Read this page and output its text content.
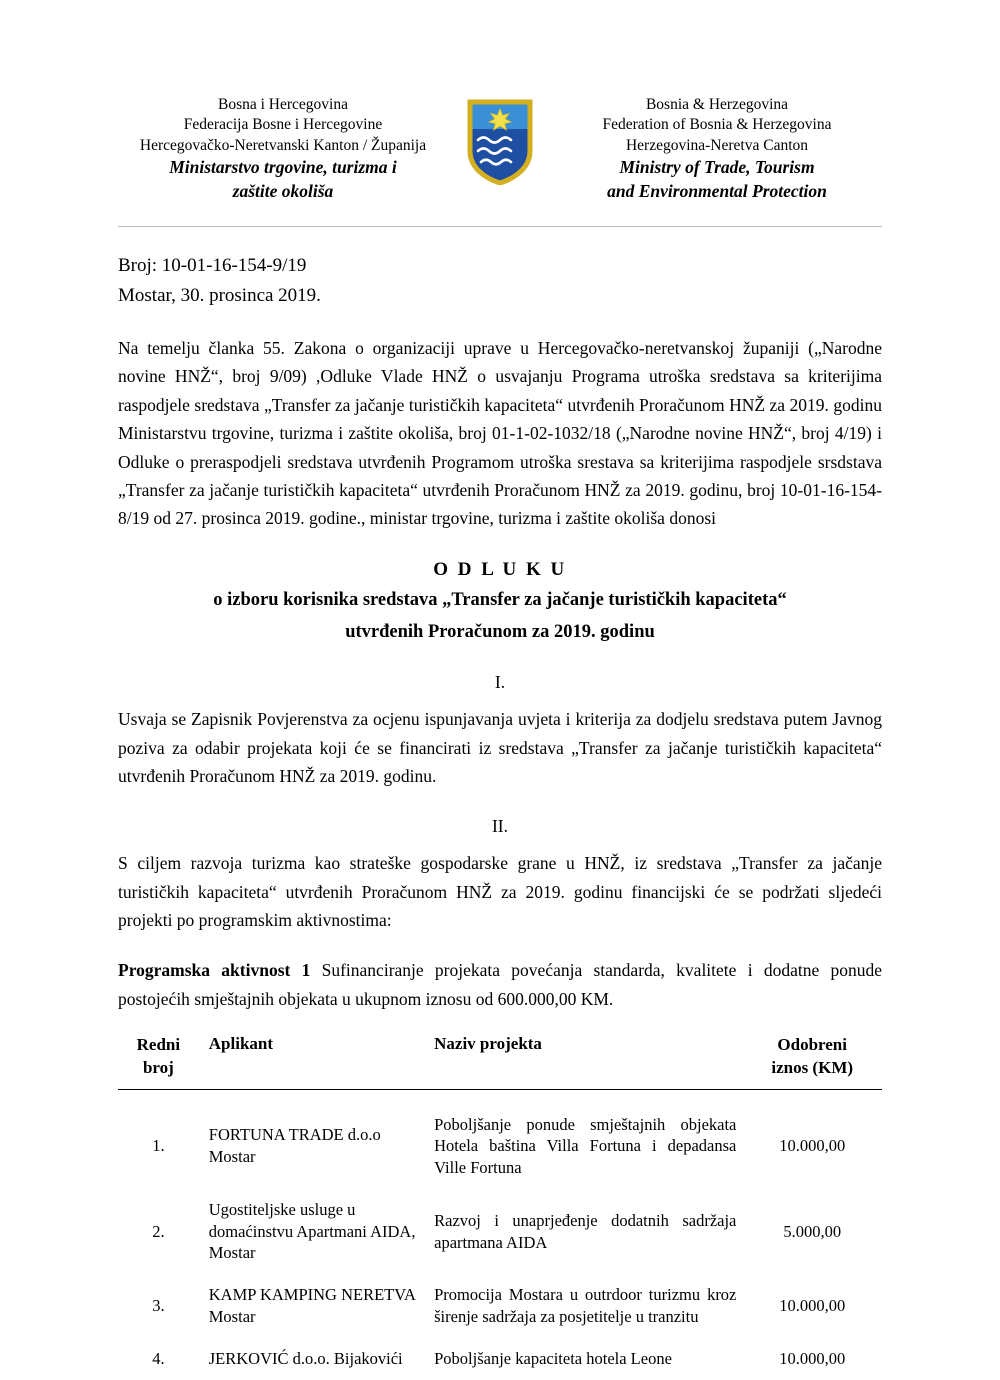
Bosna i Hercegovina
Federacija Bosne i Hercegovine
Hercegovačko-Neretvanski Kanton / Županija
Ministarstvo trgovine, turizma i
zaštite okoliša
Bosnia & Herzegovina
Federation of Bosnia & Herzegovina
Herzegovina-Neretva Canton
Ministry of Trade, Tourism
and Environmental Protection
Broj: 10-01-16-154-9/19
Mostar, 30. prosinca 2019.

Na temelju članka 55. Zakona o organizaciji uprave u Hercegovačko-neretvanskoj županiji („Narodne novine HNŽ“, broj 9/09) ,Odluke Vlade HNŽ o usvajanju Programa utroška sredstava sa kriterijima raspodjele sredstava „Transfer za jačanje turističkih kapaciteta“ utvrđenih Proračunom HNŽ za 2019. godinu Ministarstvu trgovine, turizma i zaštite okoliša, broj 01-1-02-1032/18 („Narodne novine HNŽ“, broj 4/19) i Odluke o preraspodjeli sredstava utvrđenih Programom utroška srestava sa kriterijima raspodjele srsdstava „Transfer za jačanje turističkih kapaciteta“ utvrđenih Proračunom HNŽ za 2019. godinu, broj 10-01-16-154-8/19 od 27. prosinca 2019. godine., ministar trgovine, turizma i zaštite okoliša donosi

O D L U K U
o izboru korisnika sredstava „Transfer za jačanje turističkih kapaciteta“
utvrđenih Proračunom za 2019. godinu
I.

Usvaja se Zapisnik Povjerenstva za ocjenu ispunjavanja uvjeta i kriterija za dodjelu sredstava putem Javnog poziva za odabir projekata koji će se financirati iz sredstava „Transfer za jačanje turističkih kapaciteta“ utvrđenih Proračunom HNŽ za 2019. godinu.

II.

S ciljem razvoja turizma kao strateške gospodarske grane u HNŽ, iz sredstava „Transfer za jačanje turističkih kapaciteta“ utvrđenih Proračunom HNŽ za 2019. godinu financijski će se podržati sljedeći projekti po programskim aktivnostima:

Programska aktivnost 1 Sufinanciranje projekata povećanja standarda, kvalitete i dodatne ponude postojećih smještajnih objekata u ukupnom iznosu od 600.000,00 KM.

Redni
broj	Aplikant	Naziv projekta	Odobreni
iznos (KM)

1.	FORTUNA TRADE d.o.o Mostar	Poboljšanje ponude smještajnih objekata Hotela baština Villa Fortuna i depadansa Ville Fortuna	10.000,00
2.	Ugostiteljske usluge u domaćinstvu Apartmani AIDA, Mostar	Razvoj i unaprjeđenje dodatnih sadržaja apartmana AIDA	5.000,00
3.	KAMP KAMPING NERETVA Mostar	Promocija Mostara u outrdoor turizmu kroz širenje sadržaja za posjetitelje u tranzitu	10.000,00
4.	JERKOVIĆ d.o.o. Bijakovići	Poboljšanje kapaciteta hotela Leone	10.000,00
